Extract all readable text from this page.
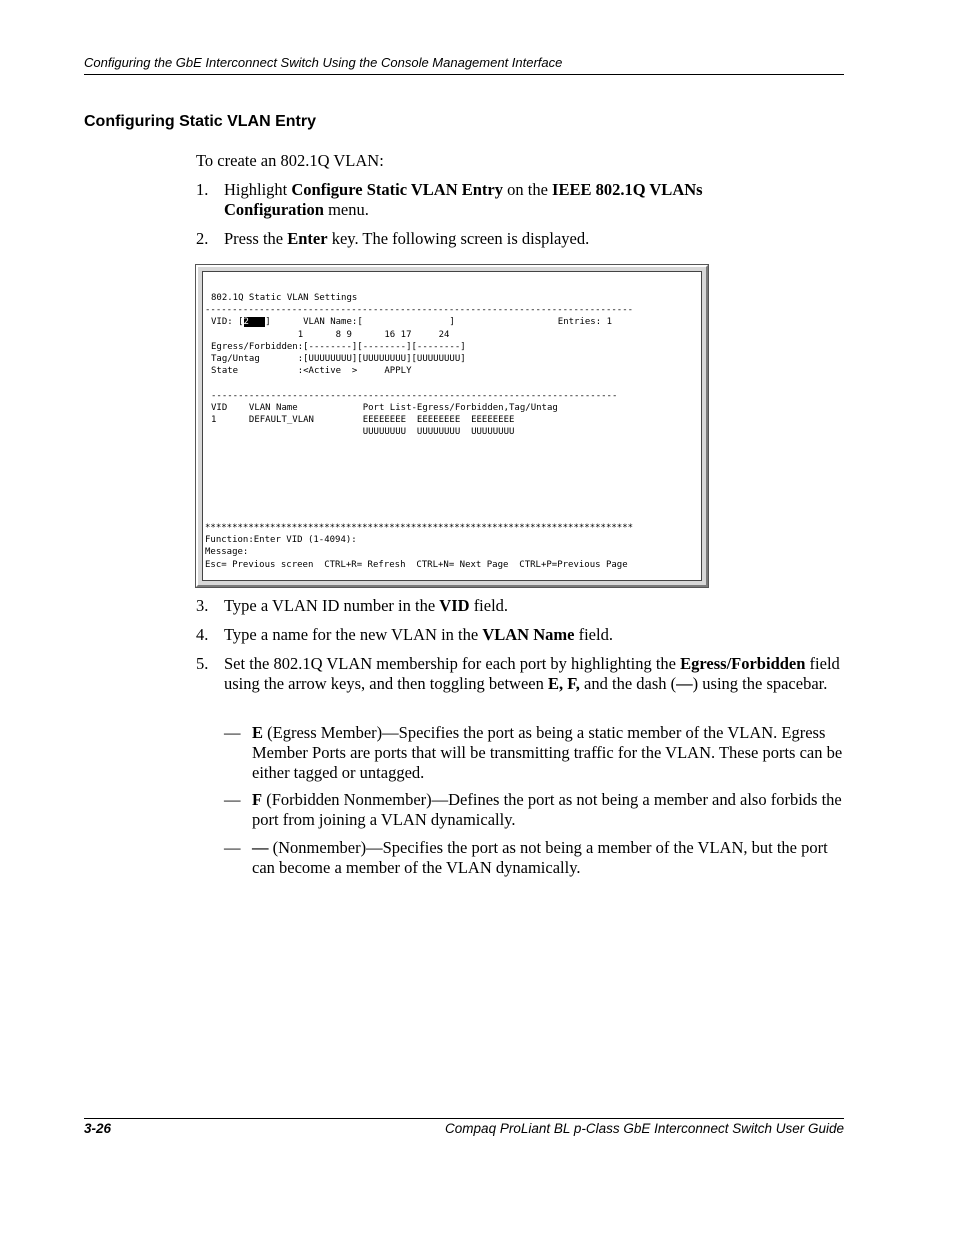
Configuring the GbE Interconnect Switch Using the Console Management Interface
Configuring Static VLAN Entry
To create an 802.1Q VLAN:
1. Highlight Configure Static VLAN Entry on the IEEE 802.1Q VLANs Configuration menu.
2. Press the Enter key. The following screen is displayed.
802.1Q Static VLAN Settings
-------------------------------------------------------------------------------
VID: [2   ]      VLAN Name:[                ]                   Entries: 1
1      8 9      16 17     24
Egress/Forbidden:[--------][--------][--------]
Tag/Untag       :[UUUUUUUU][UUUUUUUU][UUUUUUUU]
State           :<Active  >     APPLY
---------------------------------------------------------------------------
VID    VLAN Name            Port List-Egress/Forbidden,Tag/Untag
1      DEFAULT_VLAN         EEEEEEEE  EEEEEEEE  EEEEEEEE
UUUUUUUU  UUUUUUUU  UUUUUUUU
*******************************************************************************
Function:Enter VID (1-4094):
Message:
Esc= Previous screen  CTRL+R= Refresh  CTRL+N= Next Page  CTRL+P=Previous Page
3. Type a VLAN ID number in the VID field.
4. Type a name for the new VLAN in the VLAN Name field.
5. Set the 802.1Q VLAN membership for each port by highlighting the Egress/Forbidden field using the arrow keys, and then toggling between E, F, and the dash (—) using the spacebar.
— E (Egress Member)—Specifies the port as being a static member of the VLAN. Egress Member Ports are ports that will be transmitting traffic for the VLAN. These ports can be either tagged or untagged.
— F (Forbidden Nonmember)—Defines the port as not being a member and also forbids the port from joining a VLAN dynamically.
— — (Nonmember)—Specifies the port as not being a member of the VLAN, but the port can become a member of the VLAN dynamically.
3-26	Compaq ProLiant BL p-Class GbE Interconnect Switch User Guide
